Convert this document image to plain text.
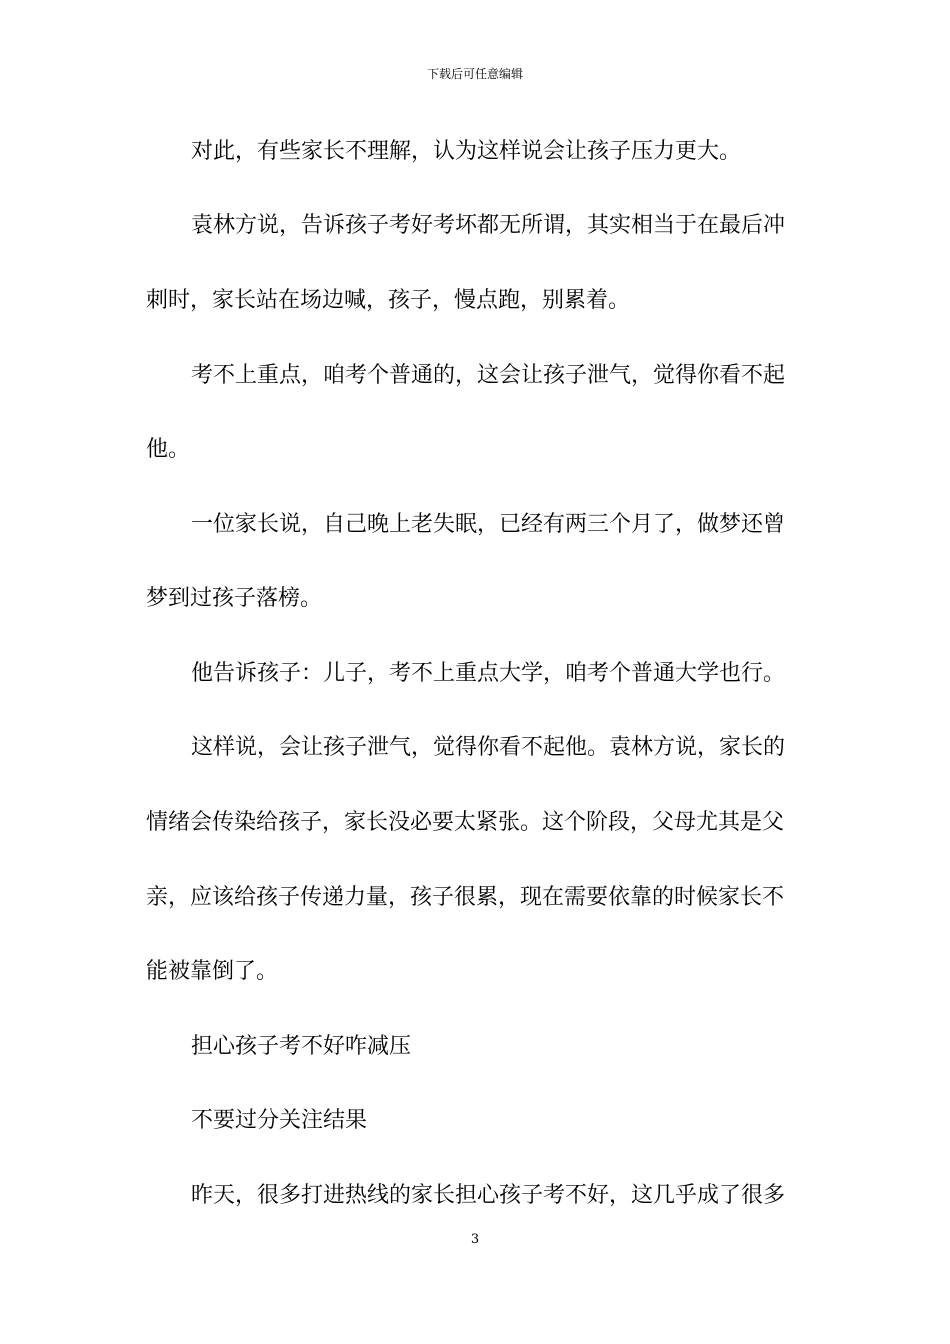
下载后可任意编辑
对此，有些家长不理解，认为这样说会让孩子压力更大。
袁林方说，告诉孩子考好考坏都无所谓，其实相当于在最后冲
刺时，家长站在场边喊，孩子，慢点跑，别累着。
考不上重点，咱考个普通的，这会让孩子泄气，觉得你看不起
他。
一位家长说，自己晚上老失眠，已经有两三个月了，做梦还曾
梦到过孩子落榜。
他告诉孩子：儿子，考不上重点大学，咱考个普通大学也行。
这样说，会让孩子泄气，觉得你看不起他。袁林方说，家长的
情绪会传染给孩子，家长没必要太紧张。这个阶段，父母尤其是父
亲，应该给孩子传递力量，孩子很累，现在需要依靠的时候家长不
能被靠倒了。
担心孩子考不好咋减压
不要过分关注结果
昨天，很多打进热线的家长担心孩子考不好，这几乎成了很多
3
